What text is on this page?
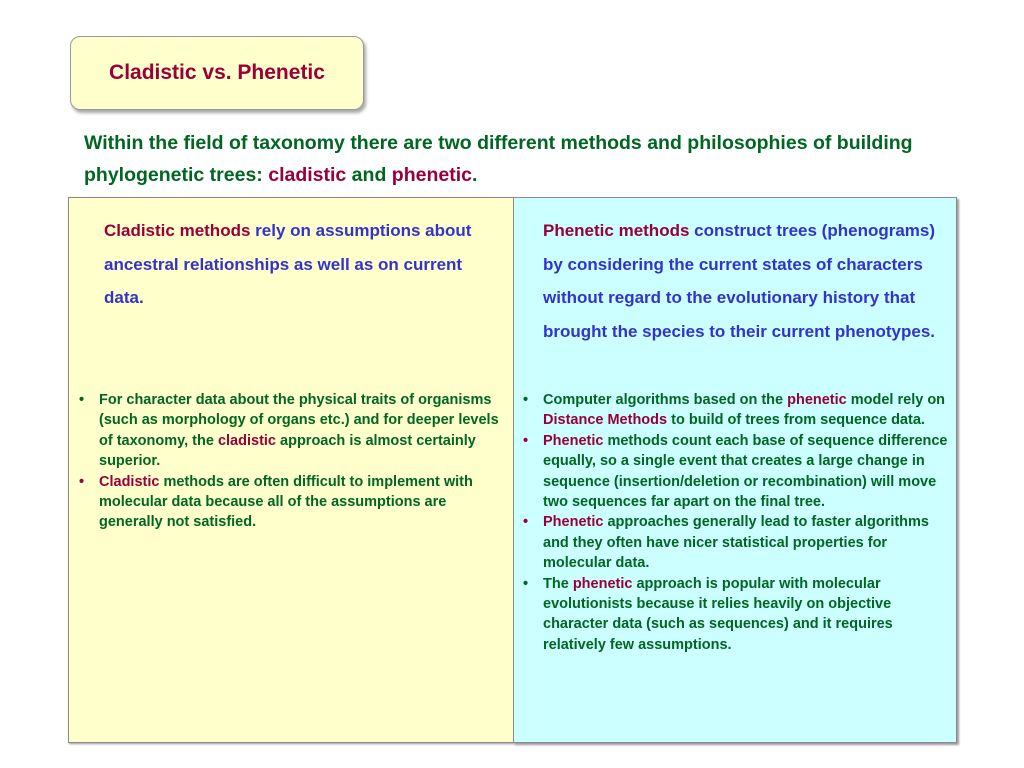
Cladistic vs. Phenetic
Within the field of taxonomy there are two different methods and philosophies of building phylogenetic trees: cladistic and phenetic.
Cladistic methods rely on assumptions about ancestral relationships as well as on current data.
•	For character data about the physical traits of organisms (such as morphology of organs etc.) and for deeper levels of taxonomy, the cladistic approach is almost certainly superior.
•	Cladistic methods are often difficult to implement with molecular data because all of the assumptions are generally not satisfied.
Phenetic methods construct trees (phenograms) by considering the current states of characters without regard to the evolutionary history that brought the species to their current phenotypes.
•	Computer algorithms based on the phenetic model rely on Distance Methods to build of trees from sequence data.
•	Phenetic methods count each base of sequence difference equally, so a single event that creates a large change in sequence (insertion/deletion or recombination) will move two sequences far apart on the final tree.
•	Phenetic approaches generally lead to faster algorithms and they often have nicer statistical properties for molecular data.
•	The phenetic approach is popular with molecular evolutionists because it relies heavily on objective character data (such as sequences) and it requires relatively few assumptions.
